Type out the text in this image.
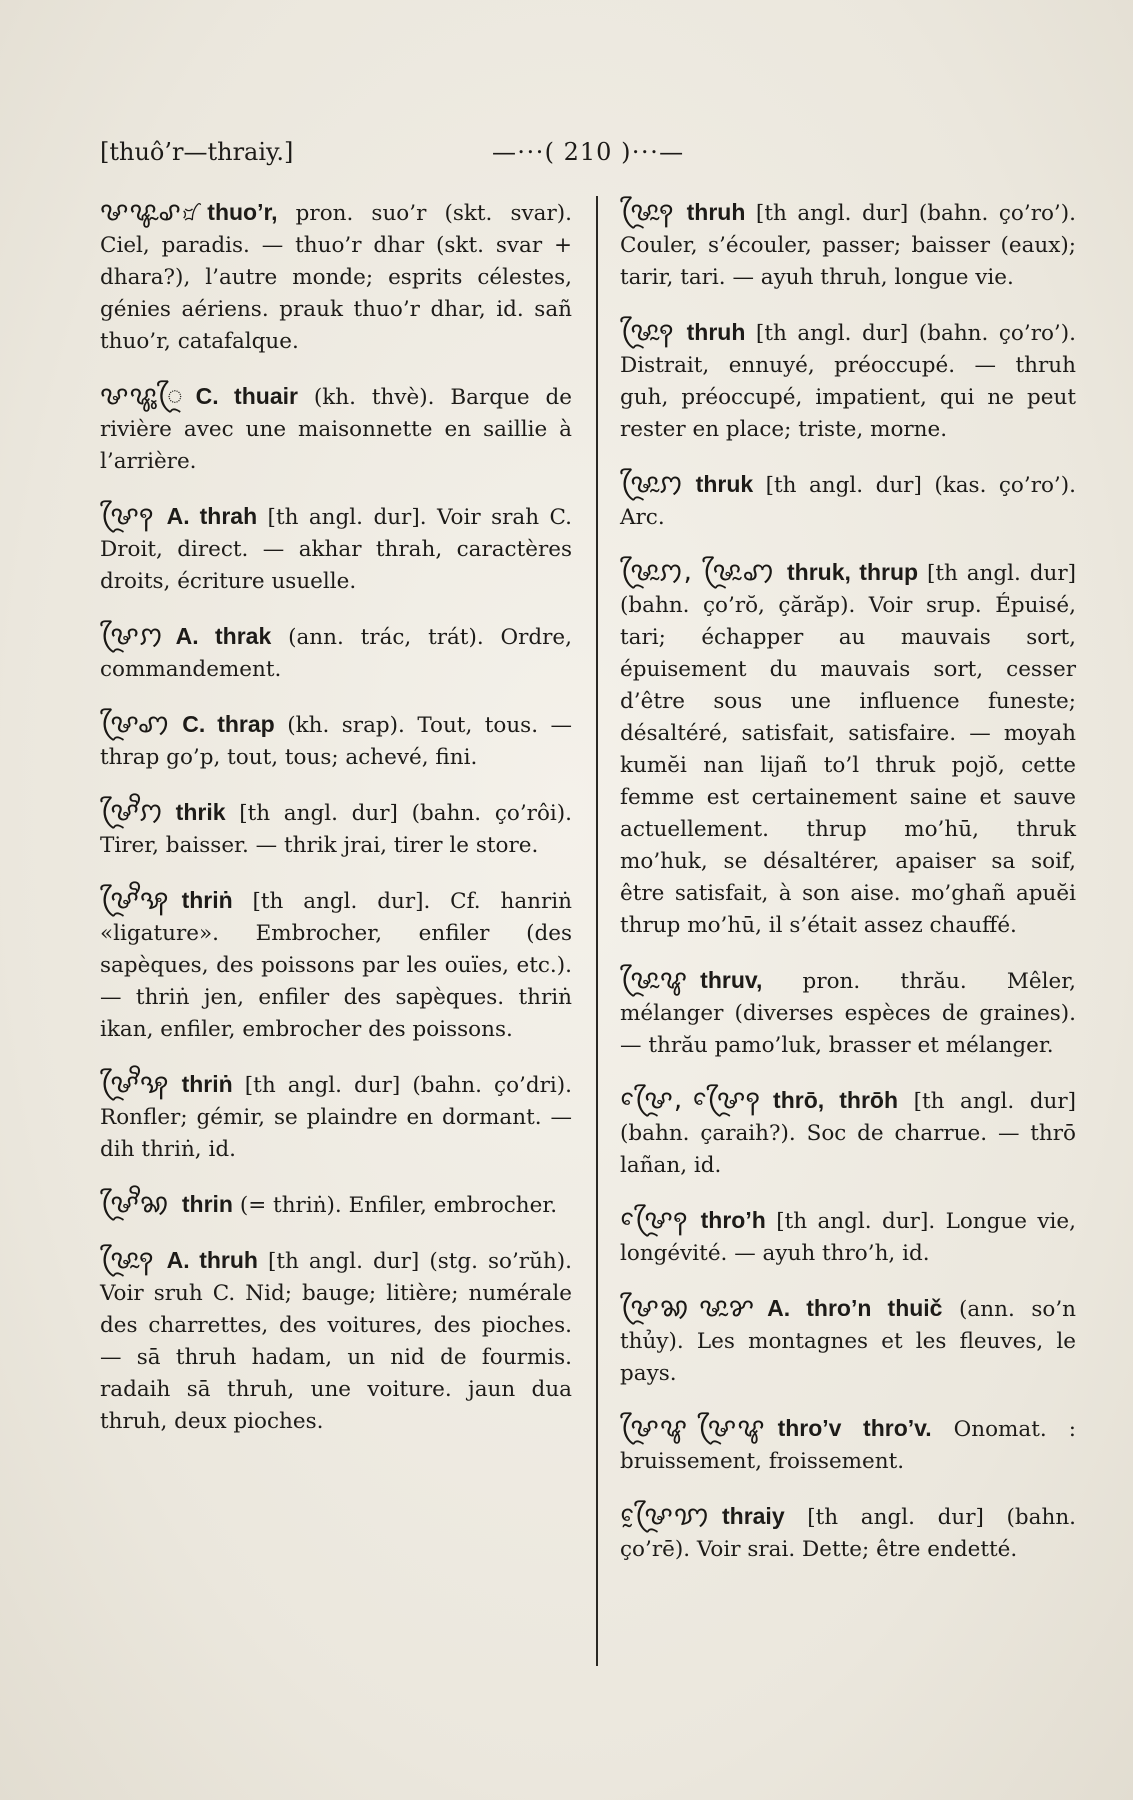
[thuô’r—thraiy.]	—⋅⋅⋅( 210 )⋅⋅⋅—

ꨔꨥꨭꨣ꩸ thuo’r, pron. suo’r (skt. svar). Ciel, paradis. — thuo’r dhar (skt. svar + dhara?), l’autre monde; esprits célestes, génies aériens. prauk thuo’r dhar, id. sañ thuo’r, catafalque.

ꨔꨥꨶꨴ C. thuair (kh. thvè). Barque de rivière avec une maisonnette en saillie à l’arrière.

ꨔꨴꩍ A. thrah [th angl. dur]. Voir srah C. Droit, direct. — akhar thrah, caractères droits, écriture usuelle.

ꨔꨴꩀ A. thrak (ann. trác, trát). Ordre, commandement.

ꨔꨴꩇ C. thrap (kh. srap). Tout, tous. — thrap go’p, tout, tous; achevé, fini.

ꨔꨴꨪꩀ thrik [th angl. dur] (bahn. ço’rôi). Tirer, baisser. — thrik jrai, tirer le store.

ꨔꨴꨪꩂ thriṅ [th angl. dur]. Cf. hanriṅ «ligature». Embrocher, enfiler (des sapèques, des poissons par les ouïes, etc.). — thriṅ jen, enfiler des sapèques. thriṅ ikan, enfiler, embrocher des poissons.

ꨔꨴꨪꩂ thriṅ [th angl. dur] (bahn. ço’dri). Ronfler; gémir, se plaindre en dormant. — dih thriṅ, id.

ꨔꨴꨪꩆ thrin (= thriṅ). Enfiler, embrocher.

ꨔꨴꨭꩍ A. thruh [th angl. dur] (stg. so’rŭh). Voir sruh C. Nid; bauge; litière; numérale des charrettes, des voitures, des pioches. — sā thruh hadam, un nid de fourmis. radaih sā thruh, une voiture. jaun dua thruh, deux pioches.

ꨔꨴꨭꩍ thruh [th angl. dur] (bahn. ço’ro’). Couler, s’écouler, passer; baisser (eaux); tarir, tari. — ayuh thruh, longue vie.

ꨔꨴꨭꩍ thruh [th angl. dur] (bahn. ço’ro’). Distrait, ennuyé, préoccupé. — thruh guh, préoccupé, impatient, qui ne peut rester en place; triste, morne.

ꨔꨴꨭꩀ thruk [th angl. dur] (kas. ço’ro’). Arc.

ꨔꨴꨭꩀ, ꨔꨴꨭꩇ thruk, thrup [th angl. dur] (bahn. ço’rŏ, çărăp). Voir srup. Épuisé, tari; échapper au mauvais sort, épuisement du mauvais sort, cesser d’être sous une influence funeste; désaltéré, satisfait, satisfaire. — moyah kumĕi nan lijañ to’l thruk pojŏ, cette femme est certainement saine et sauve actuellement. thrup mo’hū, thruk mo’huk, se désaltérer, apaiser sa soif, être satisfait, à son aise. mo’ghañ apuĕi thrup mo’hū, il s’était assez chauffé.

ꨔꨴꨭꨥ thruv, pron. thrău. Mêler, mélanger (diverses espèces de graines). — thrău pamo’luk, brasser et mélanger.

ꨔꨴꨯ, ꨔꨴꨯꩍ thrō, thrōh [th angl. dur] (bahn. çaraih?). Soc de charrue. — thrō lañan, id.

ꨔꨴꨯꩍ thro’h [th angl. dur]. Longue vie, longévité. — ayuh thro’h, id.

ꨔꨴꩆ ꨔꨭꨌ A. thro’n thuič (ann. so’n thủy). Les montagnes et les fleuves, le pays.

ꨔꨴꨥ ꨔꨴꨥ thro’v thro’v. Onomat. : bruissement, froissement.

ꨔꨴꨰꩈ thraiy [th angl. dur] (bahn. ço’rē). Voir srai. Dette; être endetté.
